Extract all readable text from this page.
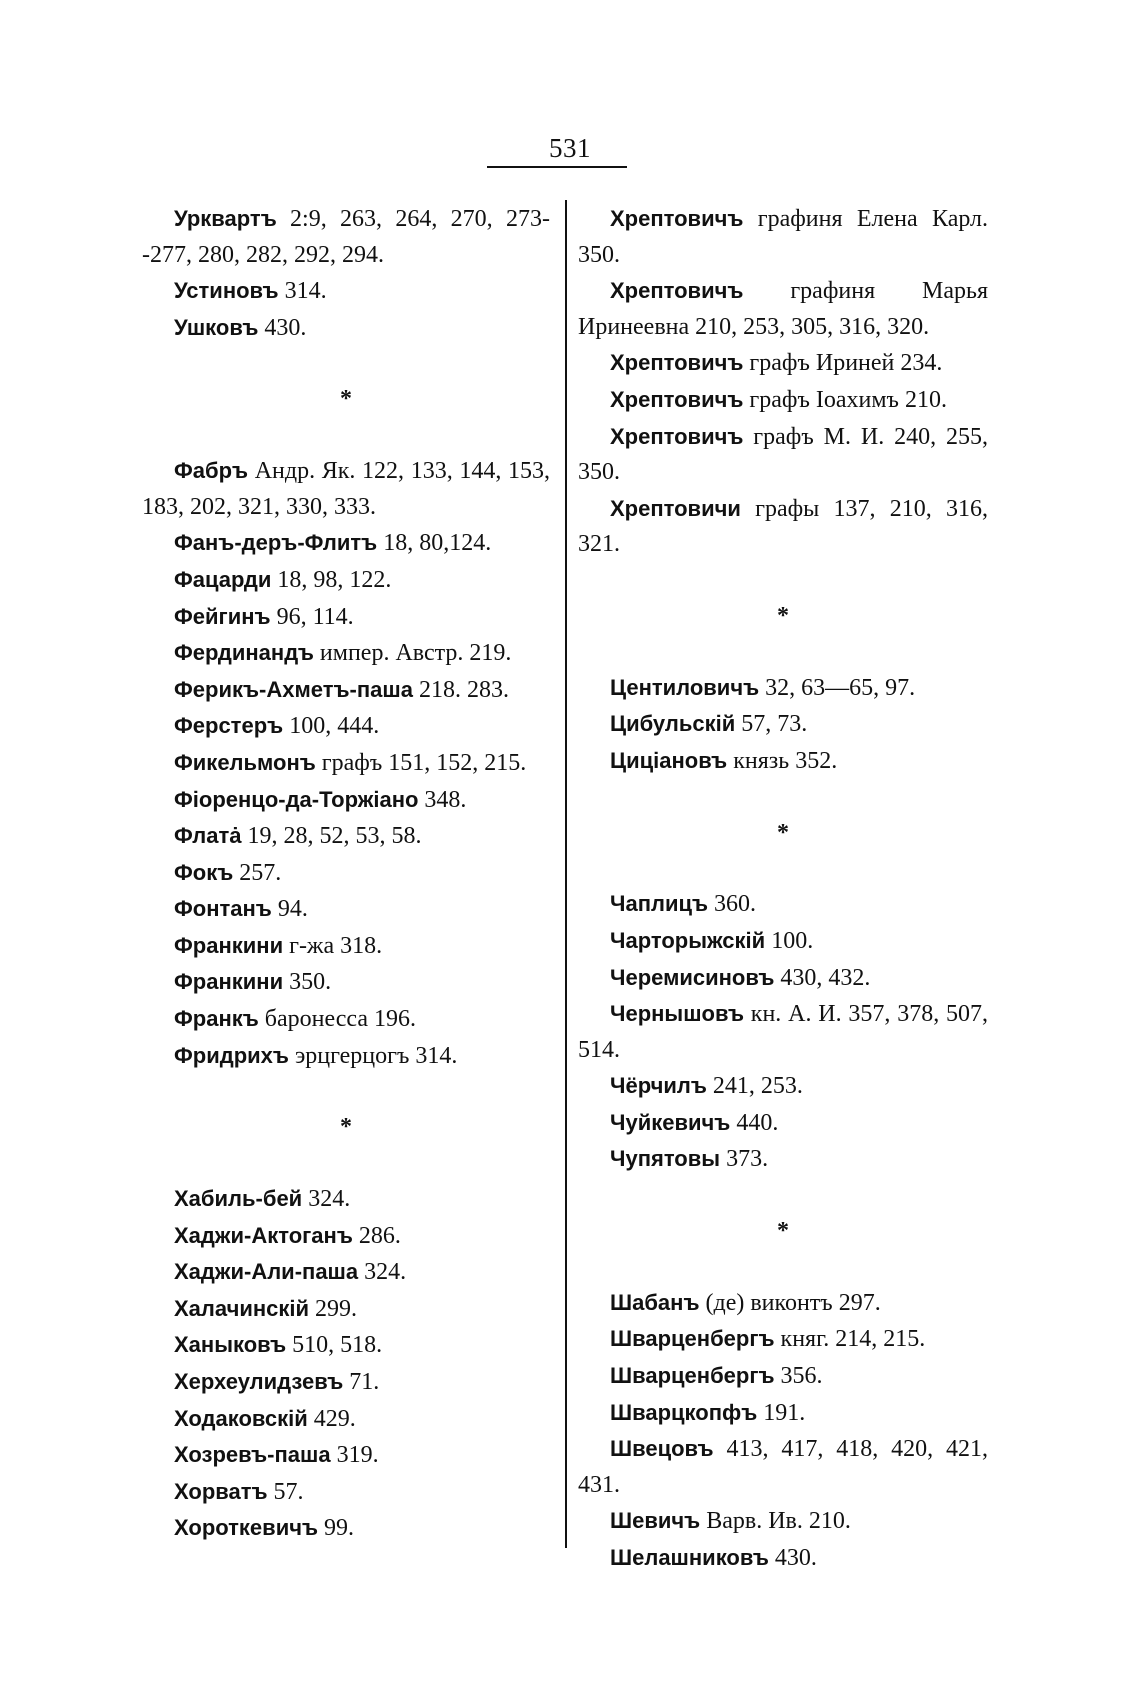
531

Урквартъ 2:9, 263, 264, 270, 273--277, 280, 282, 292, 294.

Устиновъ 314.

Ушковъ 430.

*

Фабръ Андр. Як. 122, 133, 144, 153, 183, 202, 321, 330, 333.

Фанъ-деръ-Флитъ 18, 80,124.

Фацарди 18, 98, 122.

Фейгинъ 96, 114.

Фердинандъ импер. Австр. 219.

Ферикъ-Ахметъ-паша 218. 283.

Ферстеръ 100, 444.

Фикельмонъ графъ 151, 152, 215.

Фіоренцо-да-Торжіано 348.

Флатȧ 19, 28, 52, 53, 58.

Фокъ 257.

Фонтанъ 94.

Франкини г-жа 318.

Франкини 350.

Франкъ баронесса 196.

Фридрихъ эрцгерцогъ 314.

*

Хабиль-бей 324.

Хаджи-Актоганъ 286.

Хаджи-Али-паша 324.

Халачинскій 299.

Ханыковъ 510, 518.

Херхеулидзевъ 71.

Ходаковскій 429.

Хозревъ-паша 319.

Хорватъ 57.

Хороткевичъ 99.

Хрептовичъ графиня Елена Карл. 350.

Хрептовичъ графиня Марья Иринеевна 210, 253, 305, 316, 320.

Хрептовичъ графъ Ириней 234.

Хрептовичъ графъ Іоахимъ 210.

Хрептовичъ графъ М. И. 240, 255, 350.

Хрептовичи графы 137, 210, 316, 321.

*

Центиловичъ 32, 63—65, 97.

Цибульскій 57, 73.

Циціановъ князь 352.

*

Чаплицъ 360.

Чарторыжскій 100.

Черемисиновъ 430, 432.

Чернышовъ кн. А. И. 357, 378, 507, 514.

Чёрчилъ 241, 253.

Чуйкевичъ 440.

Чупятовы 373.

*

Шабанъ (де) виконтъ 297.

Шварценбергъ княг. 214, 215.

Шварценбергъ 356.

Шварцкопфъ 191.

Швецовъ 413, 417, 418, 420, 421, 431.

Шевичъ Варв. Ив. 210.

Шелашниковъ 430.
